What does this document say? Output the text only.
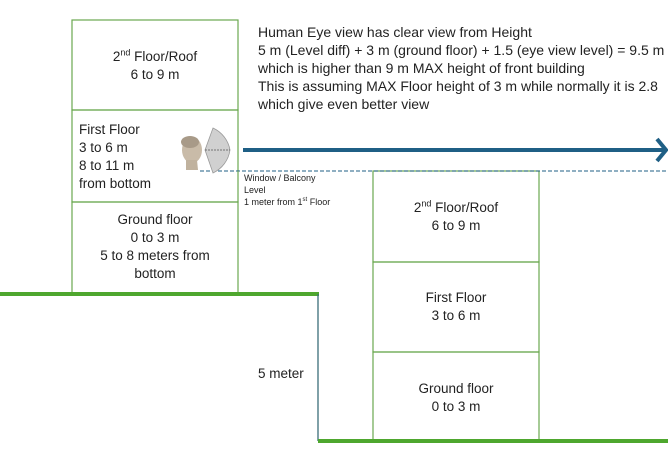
Human Eye view has clear view from Height
5 m (Level diff) + 3 m (ground floor) + 1.5 (eye view level) = 9.5 m
which is higher than 9 m MAX height of front building
This is assuming MAX Floor height of 3 m while normally it is 2.8
which give even better view
2nd Floor/Roof
6 to 9 m
First Floor
3 to 6 m
8 to 11 m
from bottom
Ground floor
0 to 3 m
5 to 8 meters from
bottom
Window / Balcony
Level
1 meter from 1st Floor	2nd Floor/Roof
6 to 9 m
First Floor
3 to 6 m
Ground floor
0 to 3 m
5 meter
